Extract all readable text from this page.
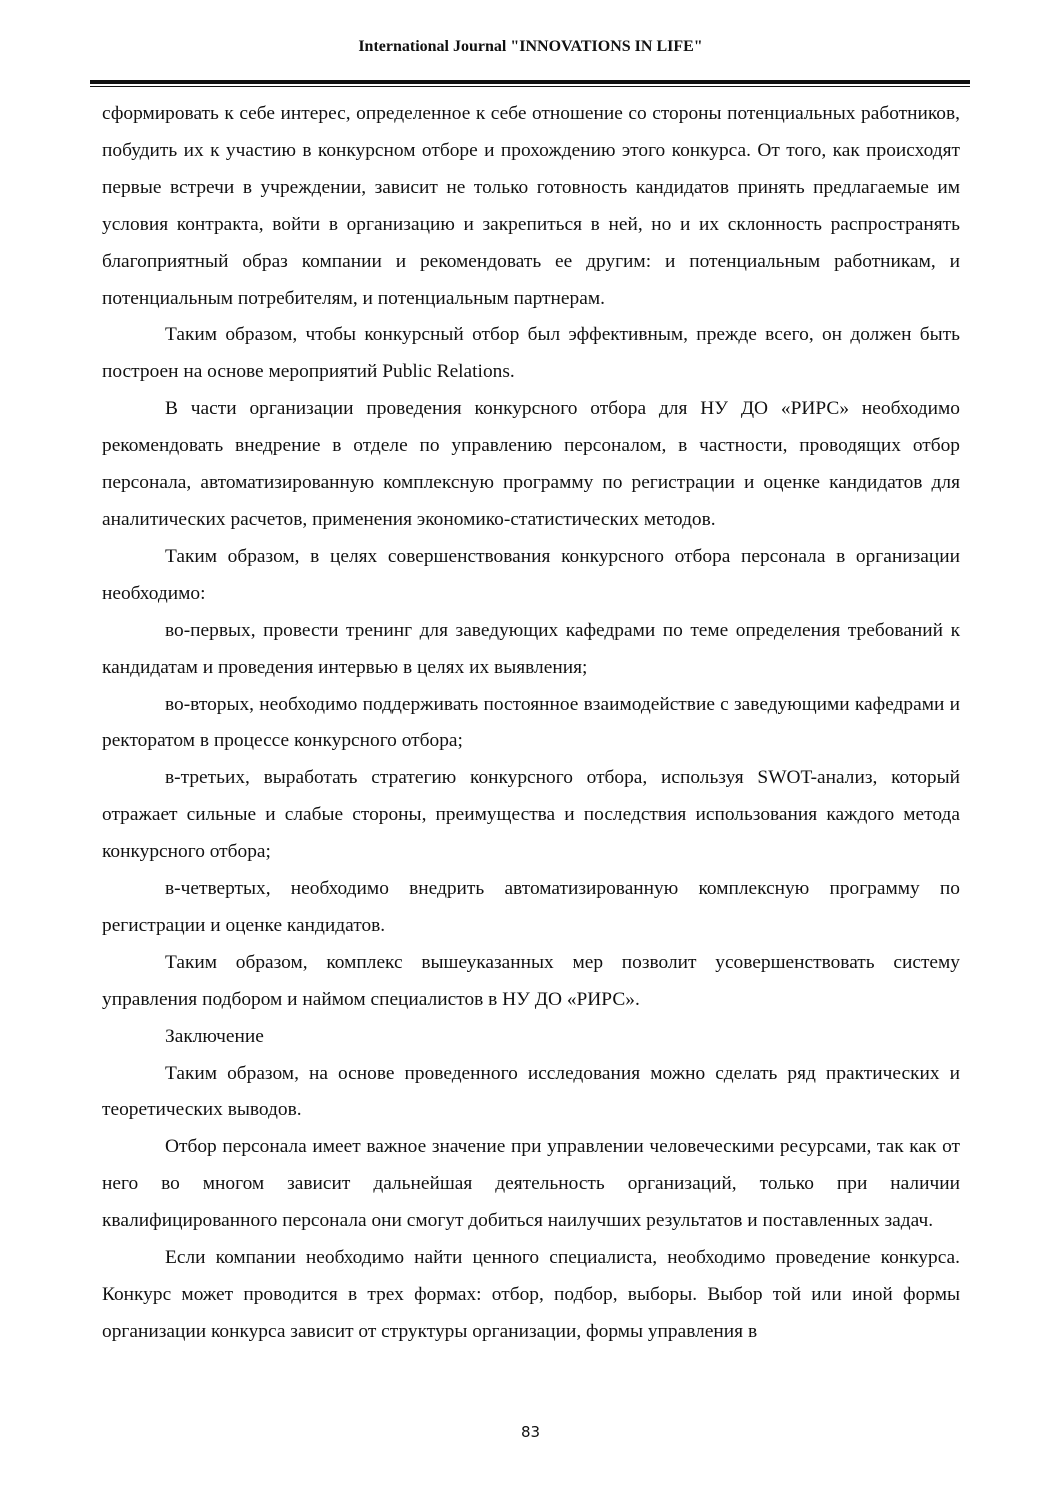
International Journal "INNOVATIONS IN LIFE"

сформировать к себе интерес, определенное к себе отношение со стороны потенциальных работников, побудить их к участию в конкурсном отборе и прохождению этого конкурса. От того, как происходят первые встречи в учреждении, зависит не только готовность кандидатов принять предлагаемые им условия контракта, войти в организацию и закрепиться в ней, но и их склонность распространять благоприятный образ компании и рекомендовать ее другим: и потенциальным работникам, и потенциальным потребителям, и потенциальным партнерам.

Таким образом, чтобы конкурсный отбор был эффективным, прежде всего, он должен быть построен на основе мероприятий Public Relations.

В части организации проведения конкурсного отбора для НУ ДО «РИРС» необходимо рекомендовать внедрение в отделе по управлению персоналом, в частности, проводящих отбор персонала, автоматизированную комплексную программу по регистрации и оценке кандидатов для аналитических расчетов, применения экономико-статистических методов.

Таким образом, в целях совершенствования конкурсного отбора персонала в организации необходимо:

во-первых, провести тренинг для заведующих кафедрами по теме определения требований к кандидатам и проведения интервью в целях их выявления;

во-вторых, необходимо поддерживать постоянное взаимодействие с заведующими кафедрами и ректоратом в процессе конкурсного отбора;

в-третьих, выработать стратегию конкурсного отбора, используя SWOT-анализ, который отражает сильные и слабые стороны, преимущества и последствия использования каждого метода конкурсного отбора;

в-четвертых, необходимо внедрить автоматизированную комплексную программу по регистрации и оценке кандидатов.

Таким образом, комплекс вышеуказанных мер позволит усовершенствовать систему управления подбором и наймом специалистов в НУ ДО «РИРС».

Заключение

Таким образом, на основе проведенного исследования можно сделать ряд практических и теоретических выводов.

Отбор персонала имеет важное значение при управлении человеческими ресурсами, так как от него во многом зависит дальнейшая деятельность организаций, только при наличии квалифицированного персонала они смогут добиться наилучших результатов и поставленных задач.

Если компании необходимо найти ценного специалиста, необходимо проведение конкурса. Конкурс может проводится в трех формах: отбор, подбор, выборы. Выбор той или иной формы организации конкурса зависит от структуры организации, формы управления в

83
